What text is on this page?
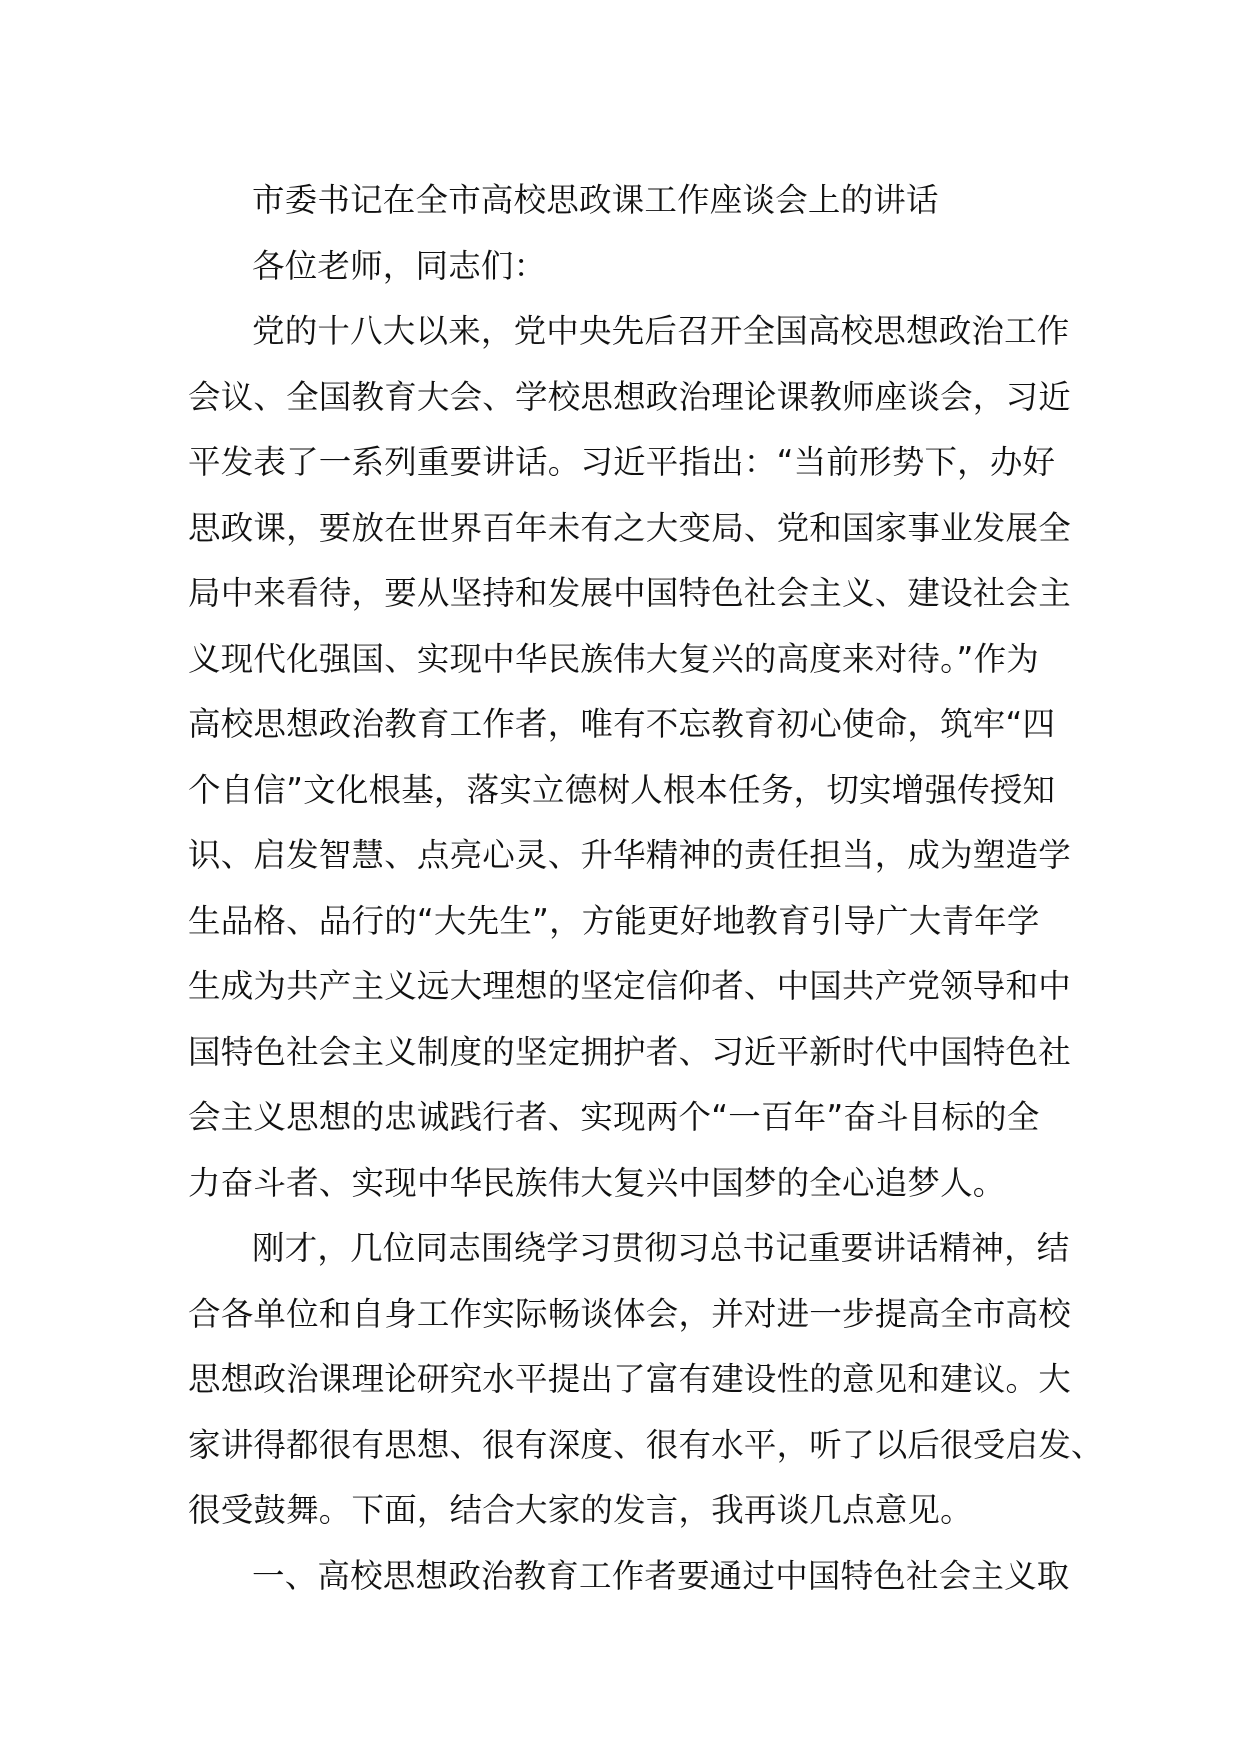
市委书记在全市高校思政课工作座谈会上的讲话
各位老师，同志们：
党的十八大以来，党中央先后召开全国高校思想政治工作
会议、全国教育大会、学校思想政治理论课教师座谈会，习近
平发表了一系列重要讲话。习近平指出：“当前形势下，办好
思政课，要放在世界百年未有之大变局、党和国家事业发展全
局中来看待，要从坚持和发展中国特色社会主义、建设社会主
义现代化强国、实现中华民族伟大复兴的高度来对待。”作为
高校思想政治教育工作者，唯有不忘教育初心使命，筑牢“四
个自信”文化根基，落实立德树人根本任务，切实增强传授知
识、启发智慧、点亮心灵、升华精神的责任担当，成为塑造学
生品格、品行的“大先生”，方能更好地教育引导广大青年学
生成为共产主义远大理想的坚定信仰者、中国共产党领导和中
国特色社会主义制度的坚定拥护者、习近平新时代中国特色社
会主义思想的忠诚践行者、实现两个“一百年”奋斗目标的全
力奋斗者、实现中华民族伟大复兴中国梦的全心追梦人。
刚才，几位同志围绕学习贯彻习总书记重要讲话精神，结
合各单位和自身工作实际畅谈体会，并对进一步提高全市高校
思想政治课理论研究水平提出了富有建设性的意见和建议。大
家讲得都很有思想、很有深度、很有水平，听了以后很受启发、
很受鼓舞。下面，结合大家的发言，我再谈几点意见。
一、高校思想政治教育工作者要通过中国特色社会主义取
